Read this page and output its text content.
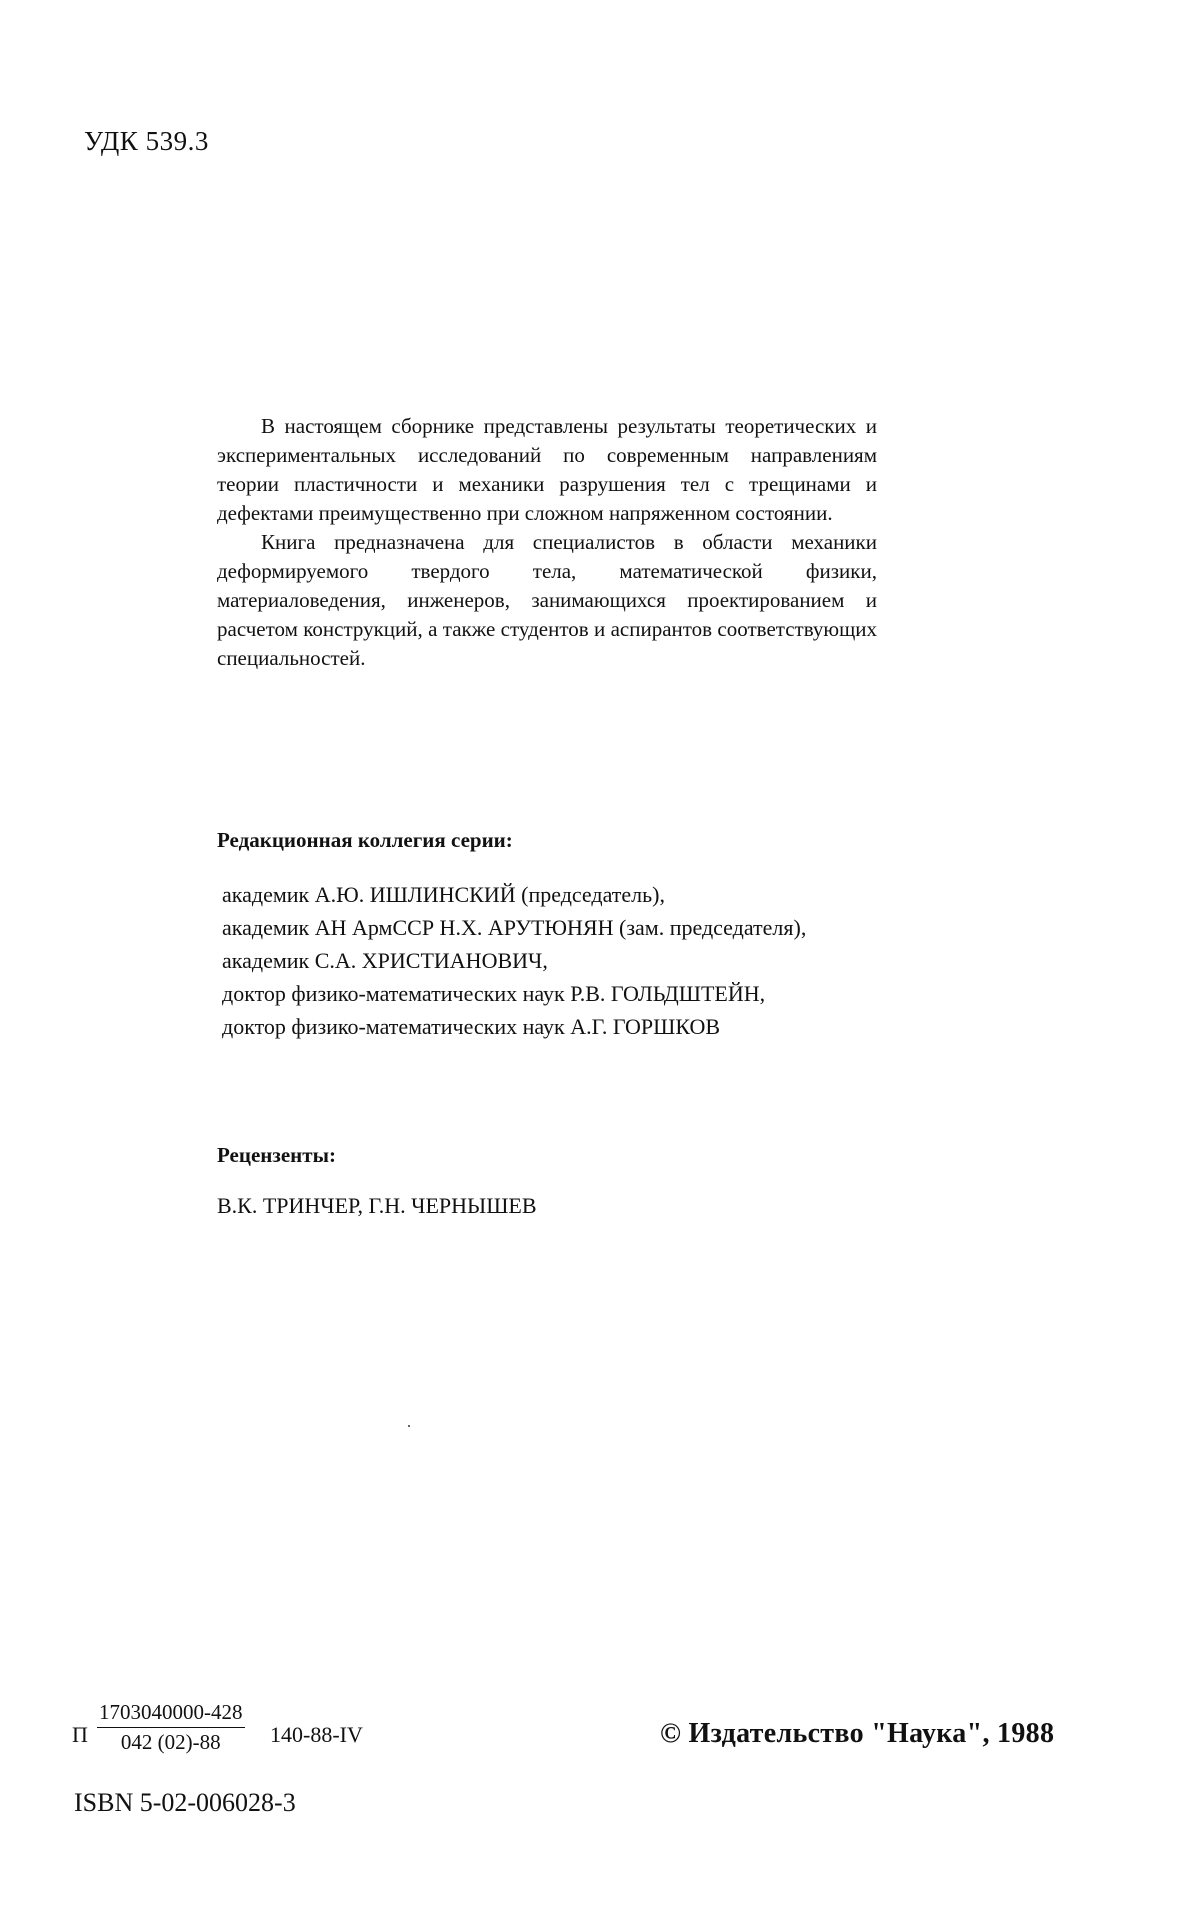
УДК 539.3

В настоящем сборнике представлены результаты теоретических и экспериментальных исследований по современным направлениям теории пластичности и механики разрушения тел с трещинами и дефектами преимущественно при сложном напряженном состоянии.

Книга предназначена для специалистов в области механики деформируемого твердого тела, математической физики, материаловедения, инженеров, занимающихся проектированием и расчетом конструкций, а также студентов и аспирантов соответствующих специальностей.

Редакционная коллегия серии:
академик А.Ю. ИШЛИНСКИЙ (председатель),
академик АН АрмССР Н.Х. АРУТЮНЯН (зам. председателя),
академик С.А. ХРИСТИАНОВИЧ,
доктор физико-математических наук Р.В. ГОЛЬДШТЕЙН,
доктор физико-математических наук А.Г. ГОРШКОВ
Рецензенты:
В.К. ТРИНЧЕР, Г.Н. ЧЕРНЫШЕВ
П
1703040000-428
042 (02)-88	140-88-IV	© Издательство "Наука", 1988
ISBN 5-02-006028-3
